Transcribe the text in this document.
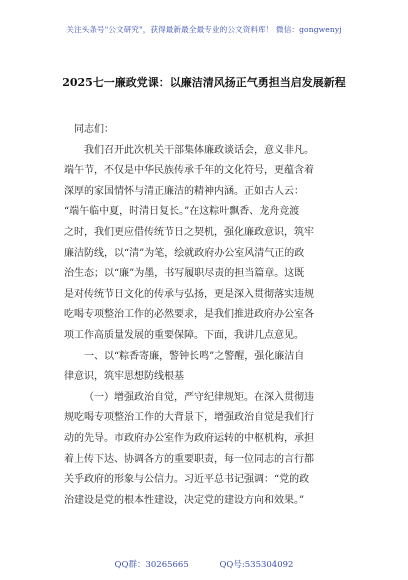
关注头条号"公文研究"，获得最新最全最专业的公文资料库！ 微信：gongwenyj
2025七一廉政党课：以廉洁清风扬正气勇担当启发展新程

同志们：

我们召开此次机关干部集体廉政谈话会，意义非凡。
端午节，不仅是中华民族传承千年的文化符号，更蕴含着
深厚的家国情怀与清正廉洁的精神内涵。正如古人云：
“端午临中夏，时清日复长。”在这粽叶飘香、龙舟竞渡
之时，我们更应借传统节日之契机，强化廉政意识，筑牢
廉洁防线，以“清”为笔，绘就政府办公室风清气正的政
治生态；以“廉”为墨，书写履职尽责的担当篇章。这既
是对传统节日文化的传承与弘扬，更是深入贯彻落实违规
吃喝专项整治工作的必然要求，是我们推进政府办公室各
项工作高质量发展的重要保障。下面，我讲几点意见。
一、以“粽香寄廉，警钟长鸣”之警醒，强化廉洁自
律意识，筑牢思想防线根基
（一）增强政治自觉，严守纪律规矩。在深入贯彻违
规吃喝专项整治工作的大背景下，增强政治自觉是我们行
动的先导。市政府办公室作为政府运转的中枢机构，承担
着上传下达、协调各方的重要职责，每一位同志的言行都
关乎政府的形象与公信力。习近平总书记强调：“党的政
治建设是党的根本性建设，决定党的建设方向和效果。”

QQ群：30265665	QQ号:535304092
